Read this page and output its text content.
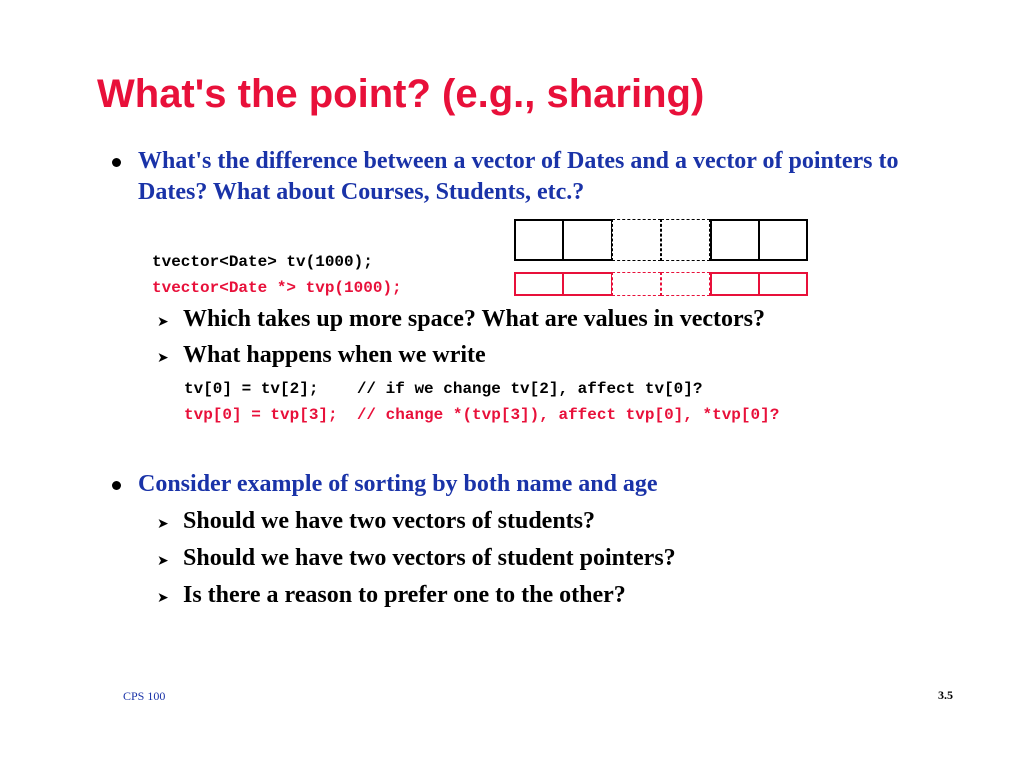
What's the point? (e.g., sharing)
What's the difference between a vector of Dates and a vector of pointers to Dates? What about Courses, Students, etc.?
tvector<Date> tv(1000);
tvector<Date *> tvp(1000);
➤ Which takes up more space? What are values in vectors?
➤ What happens when we write
tv[0] = tv[2];    // if we change tv[2], affect tv[0]?
tvp[0] = tvp[3];  // change *(tvp[3]), affect tvp[0], *tvp[0]?
Consider example of sorting by both name and age
➤ Should we have two vectors of students?
➤ Should we have two vectors of student pointers?
➤ Is there a reason to prefer one to the other?
CPS 100	3.5
